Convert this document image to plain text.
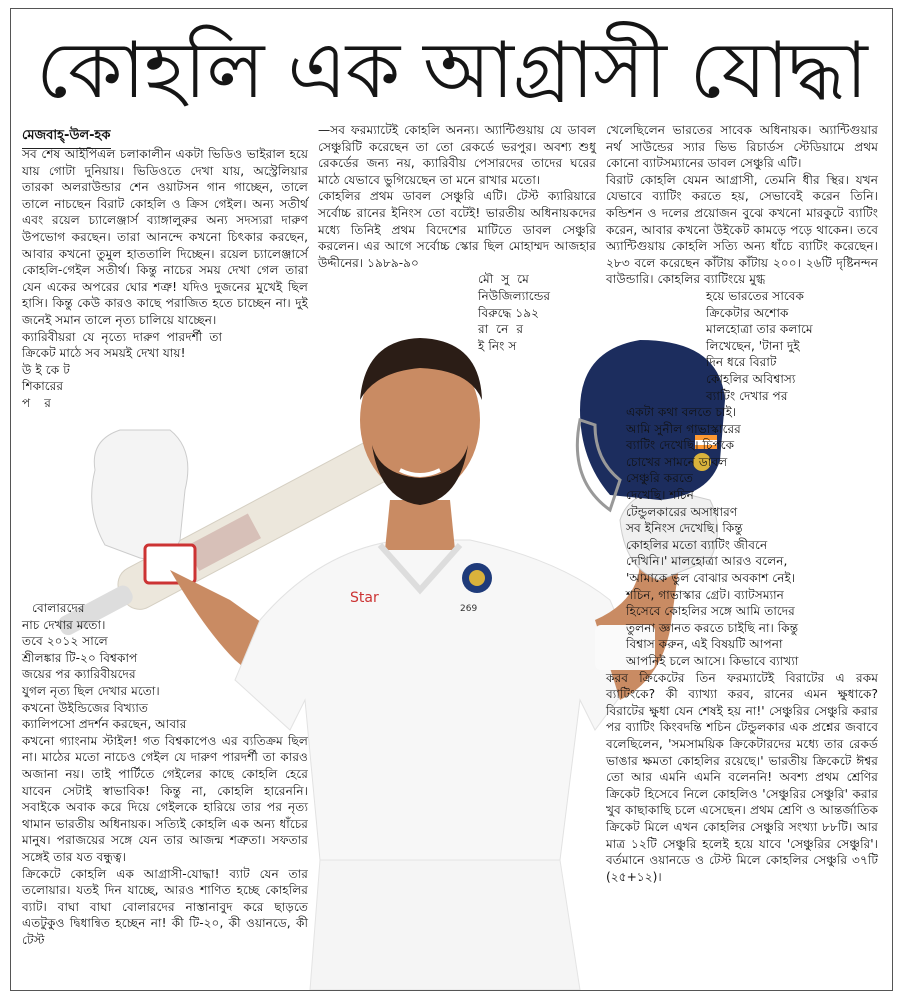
কোহলি এক আগ্রাসী যোদ্ধা
মেজবাহ্-উল-হক
269
Star

সব শেষ আইপিএল চলাকালীন একটা ভিডিও ভাইরাল হয়ে যায় গোটা দুনিয়ায়। ভিডিওতে দেখা যায়, অস্ট্রেলিয়ার তারকা অলরাউন্ডার শেন ওয়াটসন গান গাচ্ছেন, তালে তালে নাচছেন বিরাট কোহলি ও ক্রিস গেইল। অন্য সতীর্থ এবং রয়েল চ্যালেঞ্জার্স ব্যাঙ্গালুরুর অন্য সদস্যরা দারুণ উপভোগ করছেন। তারা আনন্দে কখনো চিৎকার করছেন, আবার কখনো তুমুল হাততালি দিচ্ছেন। রয়েল চ্যালেঞ্জার্সে কোহলি-গেইল সতীর্থ। কিন্তু নাচের সময় দেখা গেল তারা যেন একের অপরের ঘোর শত্রু! যদিও দুজনের মুখেই ছিল হাসি। কিন্তু কেউ কারও কাছে পরাজিত হতে চাচ্ছেন না। দুই জনেই সমান তালে নৃত্য চালিয়ে যাচ্ছেন।

ক্যারিবীয়রা যে নৃত্যে দারুণ পারদর্শী তা ক্রিকেট মাঠে সব সময়ই দেখা যায়!

উইকেট

শিকারের

পর

বোলারদের

নাচ দেখার মতো।

তবে ২০১২ সালে

শ্রীলঙ্কার টি-২০ বিশ্বকাপ

জয়ের পর ক্যারিবীয়দের

যুগল নৃত্য ছিল দেখার মতো।

কখনো উইন্ডিজের বিখ্যাত

ক্যালিপসো প্রদর্শন করছেন, আবার

কখনো গ্যাংনাম স্টাইল! গত বিশ্বকাপেও এর ব্যতিক্রম ছিল না। মাঠের মতো নাচেও গেইল যে দারুণ পারদর্শী তা কারও অজানা নয়। তাই পার্টিতে গেইলের কাছে কোহলি হেরে যাবেন সেটাই স্বাভাবিক! কিন্তু না, কোহলি হারেননি। সবাইকে অবাক করে দিয়ে গেইলকে হারিয়ে তার পর নৃত্য থামান ভারতীয় অধিনায়ক। সত্যিই কোহলি এক অন্য ধাঁচের মানুষ। পরাজয়ের সঙ্গে যেন তার আজন্ম শত্রুতা। সফতার সঙ্গেই তার যত বন্ধুত্ব।

ক্রিকেটে কোহলি এক আগ্রাসী-যোদ্ধা! ব্যাট যেন তার তলোয়ার। যতই দিন যাচ্ছে, আরও শাণিত হচ্ছে কোহলির ব্যাট। বাঘা বাঘা বোলারদের নাস্তানাবুদ করে ছাড়তে এতটুকুও দ্বিধান্বিত হচ্ছেন না! কী টি-২০, কী ওয়ানডে, কী টেস্ট

—সব ফরম্যাটেই কোহলি অনন্য। অ্যান্টিগুয়ায় যে ডাবল সেঞ্চুরিটি করেছেন তা তো রেকর্ডে ভরপুর। অবশ্য শুধু রেকর্ডের জন্য নয়, ক্যারিবীয় পেসারদের তাদের ঘরের মাঠে যেভাবে ভুগিয়েছেন তা মনে রাখার মতো।

কোহলির প্রথম ডাবল সেঞ্চুরি এটি। টেস্ট ক্যারিয়ারে সর্বোচ্চ রানের ইনিংস তো বটেই! ভারতীয় অধিনায়কদের মধ্যে তিনিই প্রথম বিদেশের মাটিতে ডাবল সেঞ্চুরি করলেন। এর আগে সর্বোচ্চ স্কোর ছিল মোহাম্মদ আজহার উদ্দীনের। ১৯৮৯-৯০

মৌসুমে

নিউজিল্যান্ডের

বিরুদ্ধে ১৯২

রানের

ইনিংস

খেলেছিলেন ভারতের সাবেক অধিনায়ক। অ্যান্টিগুয়ার নর্থ সাউন্ডের স্যার ভিভ রিচার্ডস স্টেডিয়ামে প্রথম কোনো ব্যাটসম্যানের ডাবল সেঞ্চুরি এটি।

বিরাট কোহলি যেমন আগ্রাসী, তেমনি ধীর স্থির। যখন যেভাবে ব্যাটিং করতে হয়, সেভাবেই করেন তিনি। কন্ডিশন ও দলের প্রয়োজন বুঝে কখনো মারকুটে ব্যাটিং করেন, আবার কখনো উইকেট কামড়ে পড়ে থাকেন। তবে অ্যান্টিগুয়ায় কোহলি সত্যি অন্য ধাঁচে ব্যাটিং করেছেন। ২৮৩ বলে করেছেন কাঁটায় কাঁটায় ২০০। ২৬টি দৃষ্টিনন্দন বাউন্ডারি। কোহলির ব্যাটিংয়ে মুগ্ধ

হয়ে ভারতের সাবেক

ক্রিকেটার অশোক

মালহোত্রা তার কলামে

লিখেছেন, 'টানা দুই

দিন ধরে বিরাট

কোহলির অবিশ্বাস্য

ব্যাটিং দেখার পর

একটা কথা বলতে চাই।

আমি সুনীল গাভাস্কারের

ব্যাটিং দেখেছি। চিপকে

চোখের সামনে ডাবল

সেঞ্চুরি করতে

দেখেছি। শচিন

টেন্ডুলকারের অসাধারণ

সব ইনিংস দেখেছি। কিন্তু

কোহলির মতো ব্যাটিং জীবনে

দেখিনি।' মালহোত্রা আরও বলেন,

'আমাকে ভুল বোঝার অবকাশ নেই।

শচিন, গাভাস্কার গ্রেট। ব্যাটসম্যান

হিসেবে কোহলির সঙ্গে আমি তাদের

তুলনা জ্ঞানত করতে চাইছি না। কিন্তু

বিশ্বাস করুন, এই বিষয়টি আপনা

আপনিই চলে আসে। কিভাবে ব্যাখ্যা

করব ক্রিকেটের তিন ফরম্যাটেই বিরাটের এ রকম ব্যাটিংকে? কী ব্যাখ্যা করব, রানের এমন ক্ষুধাকে? বিরাটের ক্ষুধা যেন শেষই হয় না!' সেঞ্চুরির সেঞ্চুরি করার পর ব্যাটিং কিংবদন্তি শচিন টেন্ডুলকার এক প্রশ্নের জবাবে বলেছিলেন, 'সমসাময়িক ক্রিকেটারদের মধ্যে তার রেকর্ড ভাঙার ক্ষমতা কোহলির রয়েছে।' ভারতীয় ক্রিকেটে ঈশ্বর তো আর এমনি এমনি বলেননি! অবশ্য প্রথম শ্রেণির ক্রিকেট হিসেবে নিলে কোহলিও 'সেঞ্চুরির সেঞ্চুরি' করার খুব কাছাকাছি চলে এসেছেন। প্রথম শ্রেণি ও আন্তর্জাতিক ক্রিকেট মিলে এখন কোহলির সেঞ্চুরি সংখ্যা ৮৮টি। আর মাত্র ১২টি সেঞ্চুরি হলেই হয়ে যাবে 'সেঞ্চুরির সেঞ্চুরি'। বর্তমানে ওয়ানডে ও টেস্ট মিলে কোহলির সেঞ্চুরি ৩৭টি (২৫+১২)।
